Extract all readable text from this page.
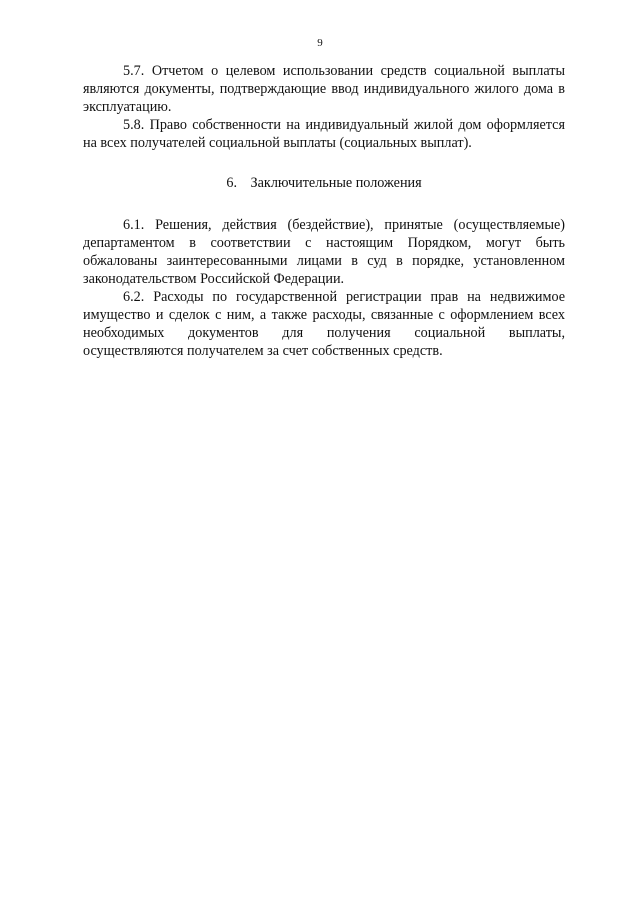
9

5.7. Отчетом о целевом использовании средств социальной выплаты являются документы, подтверждающие ввод индивидуального жилого дома в эксплуатацию.

5.8. Право собственности на индивидуальный жилой дом оформляется на всех получателей социальной выплаты (социальных выплат).

6. Заключительные положения

6.1. Решения, действия (бездействие), принятые (осуществляемые) департаментом в соответствии с настоящим Порядком, могут быть обжалованы заинтересованными лицами в суд в порядке, установленном законодательством Российской Федерации.

6.2. Расходы по государственной регистрации прав на недвижимое имущество и сделок с ним, а также расходы, связанные с оформлением всех необходимых документов для получения социальной выплаты, осуществляются получателем за счет собственных средств.
